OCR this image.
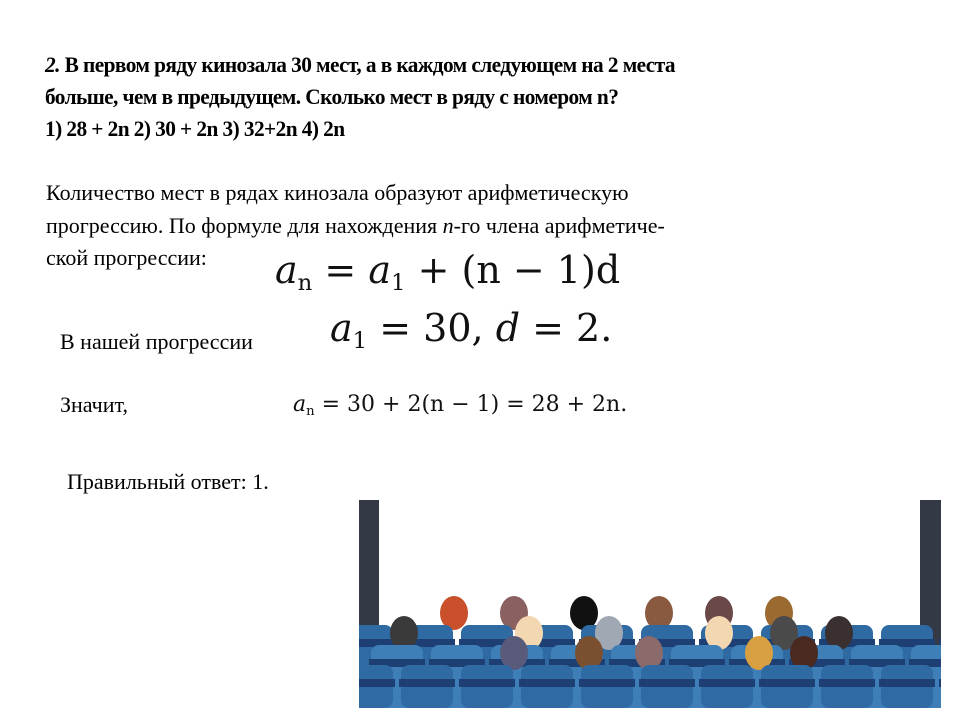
2. В первом ряду кинозала 30 мест, а в каждом следующем на 2 места
больше, чем в предыдущем. Сколько мест в ряду с номером n?
1) 28 + 2n 2) 30 + 2n 3) 32+2n 4) 2n
Количество мест в рядах кинозала образуют арифметическую
прогрессию. По формуле для нахождения n-го члена арифметиче-
ской прогрессии: $a_n = a_1 + (n - 1)d$
В нашей прогрессии $a_1 = 30$, d = 2.
Значит,	$a_n = 30 + 2(n - 1) = 28 + 2n$.
Правильный ответ: 1.
